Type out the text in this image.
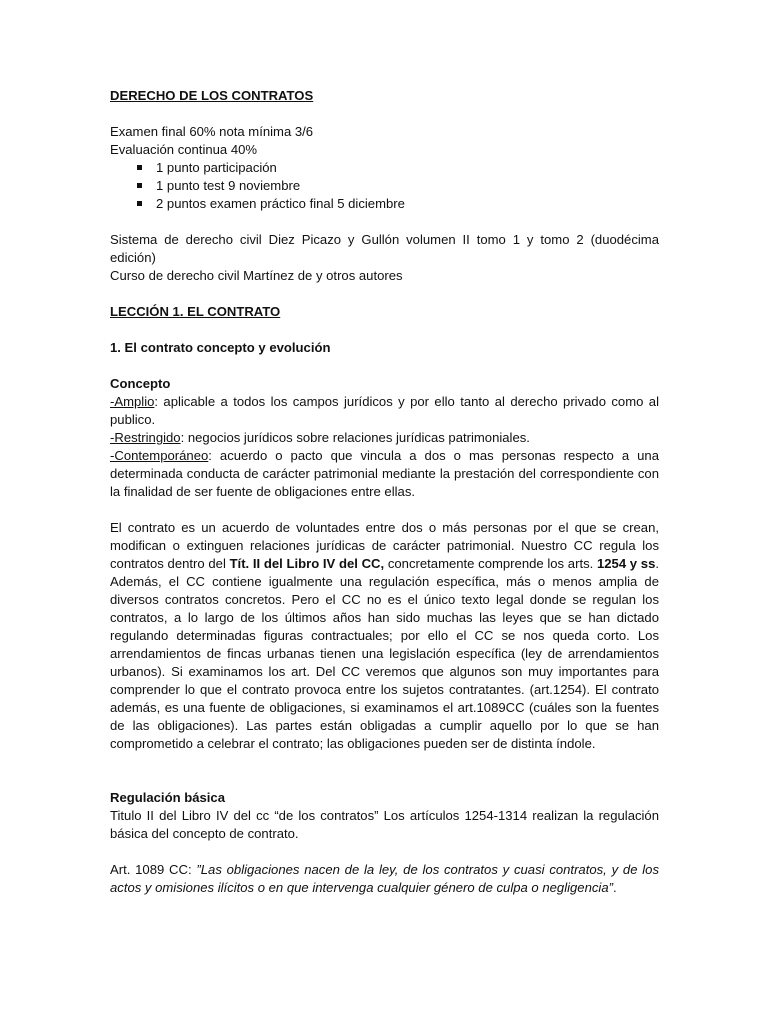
DERECHO DE LOS CONTRATOS

Examen final 60% nota mínima 3/6

Evaluación continua 40%

1 punto participación
1 punto test 9 noviembre
2 puntos examen práctico final 5 diciembre

Sistema de derecho civil Diez Picazo y Gullón volumen II tomo 1 y tomo 2 (duodécima edición)

Curso de derecho civil Martínez de y otros autores

LECCIÓN 1. EL CONTRATO

1. El contrato concepto y evolución

Concepto

-Amplio: aplicable a todos los campos jurídicos y por ello tanto al derecho privado como al publico.

-Restringido: negocios jurídicos sobre relaciones jurídicas patrimoniales.

-Contemporáneo: acuerdo o pacto que vincula a dos o mas personas respecto a una determinada conducta de carácter patrimonial mediante la prestación del correspondiente con la finalidad de ser fuente de obligaciones entre ellas.

El contrato es un acuerdo de voluntades entre dos o más personas por el que se crean, modifican o extinguen relaciones jurídicas de carácter patrimonial. Nuestro CC regula los contratos dentro del Tít. II del Libro IV del CC, concretamente comprende los arts. 1254 y ss. Además, el CC contiene igualmente una regulación específica, más o menos amplia de diversos contratos concretos. Pero el CC no es el único texto legal donde se regulan los contratos, a lo largo de los últimos años han sido muchas las leyes que se han dictado regulando determinadas figuras contractuales; por ello el CC se nos queda corto. Los arrendamientos de fincas urbanas tienen una legislación específica (ley de arrendamientos urbanos). Si examinamos los art. Del CC veremos que algunos son muy importantes para comprender lo que el contrato provoca entre los sujetos contratantes. (art.1254). El contrato además, es una fuente de obligaciones, si examinamos el art.1089CC (cuáles son la fuentes de las obligaciones). Las partes están obligadas a cumplir aquello por lo que se han comprometido a celebrar el contrato; las obligaciones pueden ser de distinta índole.

Regulación básica

Titulo II del Libro IV del cc “de los contratos” Los artículos 1254-1314 realizan la regulación básica del concepto de contrato.

Art. 1089 CC: ”Las obligaciones nacen de la ley, de los contratos y cuasi contratos, y de los actos y omisiones ilícitos o en que intervenga cualquier género de culpa o negligencia”.
